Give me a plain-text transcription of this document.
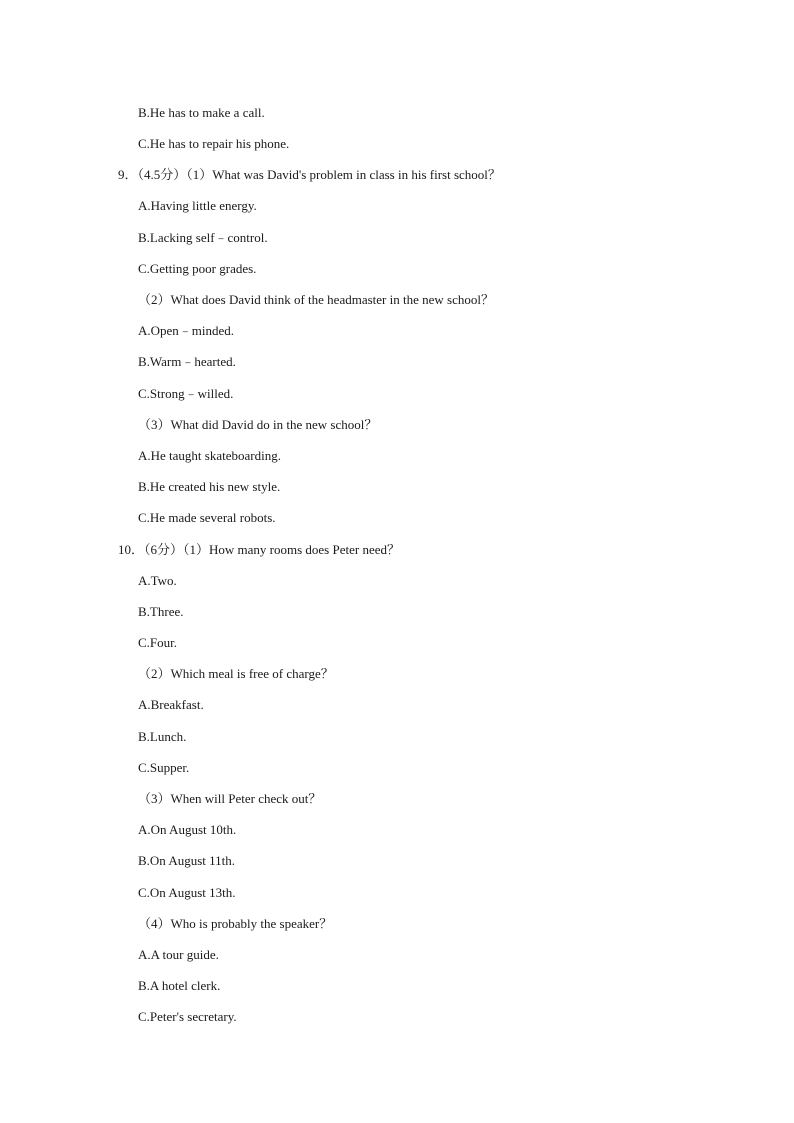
B.He has to make a call.
C.He has to repair his phone.
9．（4.5分）（1）What was David's problem in class in his first school？
A.Having little energy.
B.Lacking self﹣control.
C.Getting poor grades.
（2）What does David think of the headmaster in the new school？
A.Open﹣minded.
B.Warm﹣hearted.
C.Strong﹣willed.
（3）What did David do in the new school？
A.He taught skateboarding.
B.He created his new style.
C.He made several robots.
10．（6分）（1）How many rooms does Peter need？
A.Two.
B.Three.
C.Four.
（2）Which meal is free of charge？
A.Breakfast.
B.Lunch.
C.Supper.
（3）When will Peter check out？
A.On August 10th.
B.On August 11th.
C.On August 13th.
（4）Who is probably the speaker？
A.A tour guide.
B.A hotel clerk.
C.Peter's secretary.
